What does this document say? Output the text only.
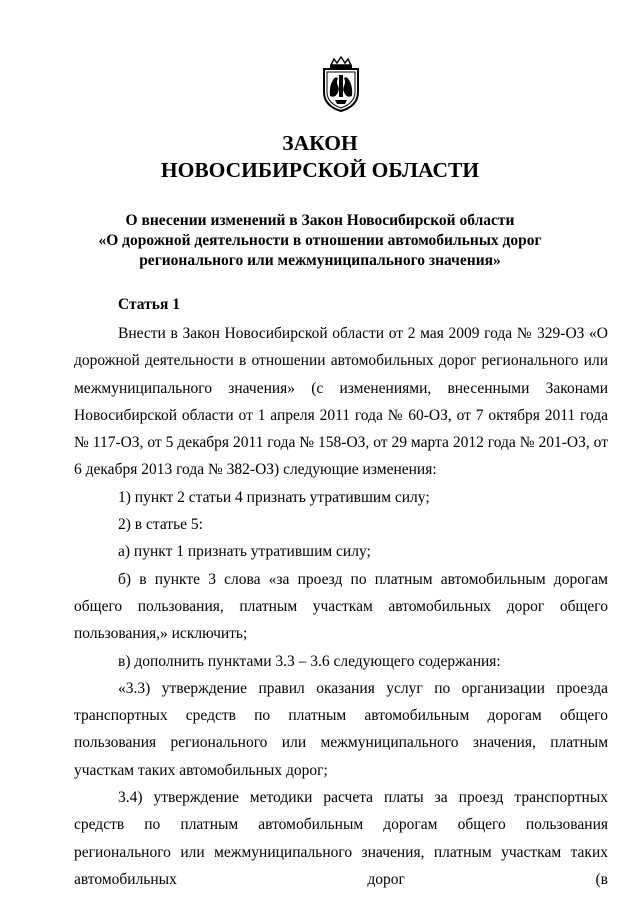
ЗАКОН
НОВОСИБИРСКОЙ ОБЛАСТИ
О внесении изменений в Закон Новосибирской области
«О дорожной деятельности в отношении автомобильных дорог
регионального или межмуниципального значения»
Статья 1

Внести в Закон Новосибирской области от 2 мая 2009 года № 329-ОЗ «О дорожной деятельности в отношении автомобильных дорог регионального или межмуниципального значения» (с изменениями, внесенными Законами Новосибирской области от 1 апреля 2011 года № 60-ОЗ, от 7 октября 2011 года № 117-ОЗ, от 5 декабря 2011 года № 158-ОЗ, от 29 марта 2012 года № 201-ОЗ, от 6 декабря 2013 года № 382-ОЗ) следующие изменения:

1) пункт 2 статьи 4 признать утратившим силу;

2) в статье 5:

а) пункт 1 признать утратившим силу;

б) в пункте 3 слова «за проезд по платным автомобильным дорогам общего пользования, платным участкам автомобильных дорог общего пользования,» исключить;

в) дополнить пунктами 3.3 – 3.6 следующего содержания:

«3.3) утверждение правил оказания услуг по организации проезда транспортных средств по платным автомобильным дорогам общего пользования регионального или межмуниципального значения, платным участкам таких автомобильных дорог;

3.4) утверждение методики расчета платы за проезд транспортных средств по платным автомобильным дорогам общего пользования регионального или межмуниципального значения, платным участкам таких автомобильных дорог (в
